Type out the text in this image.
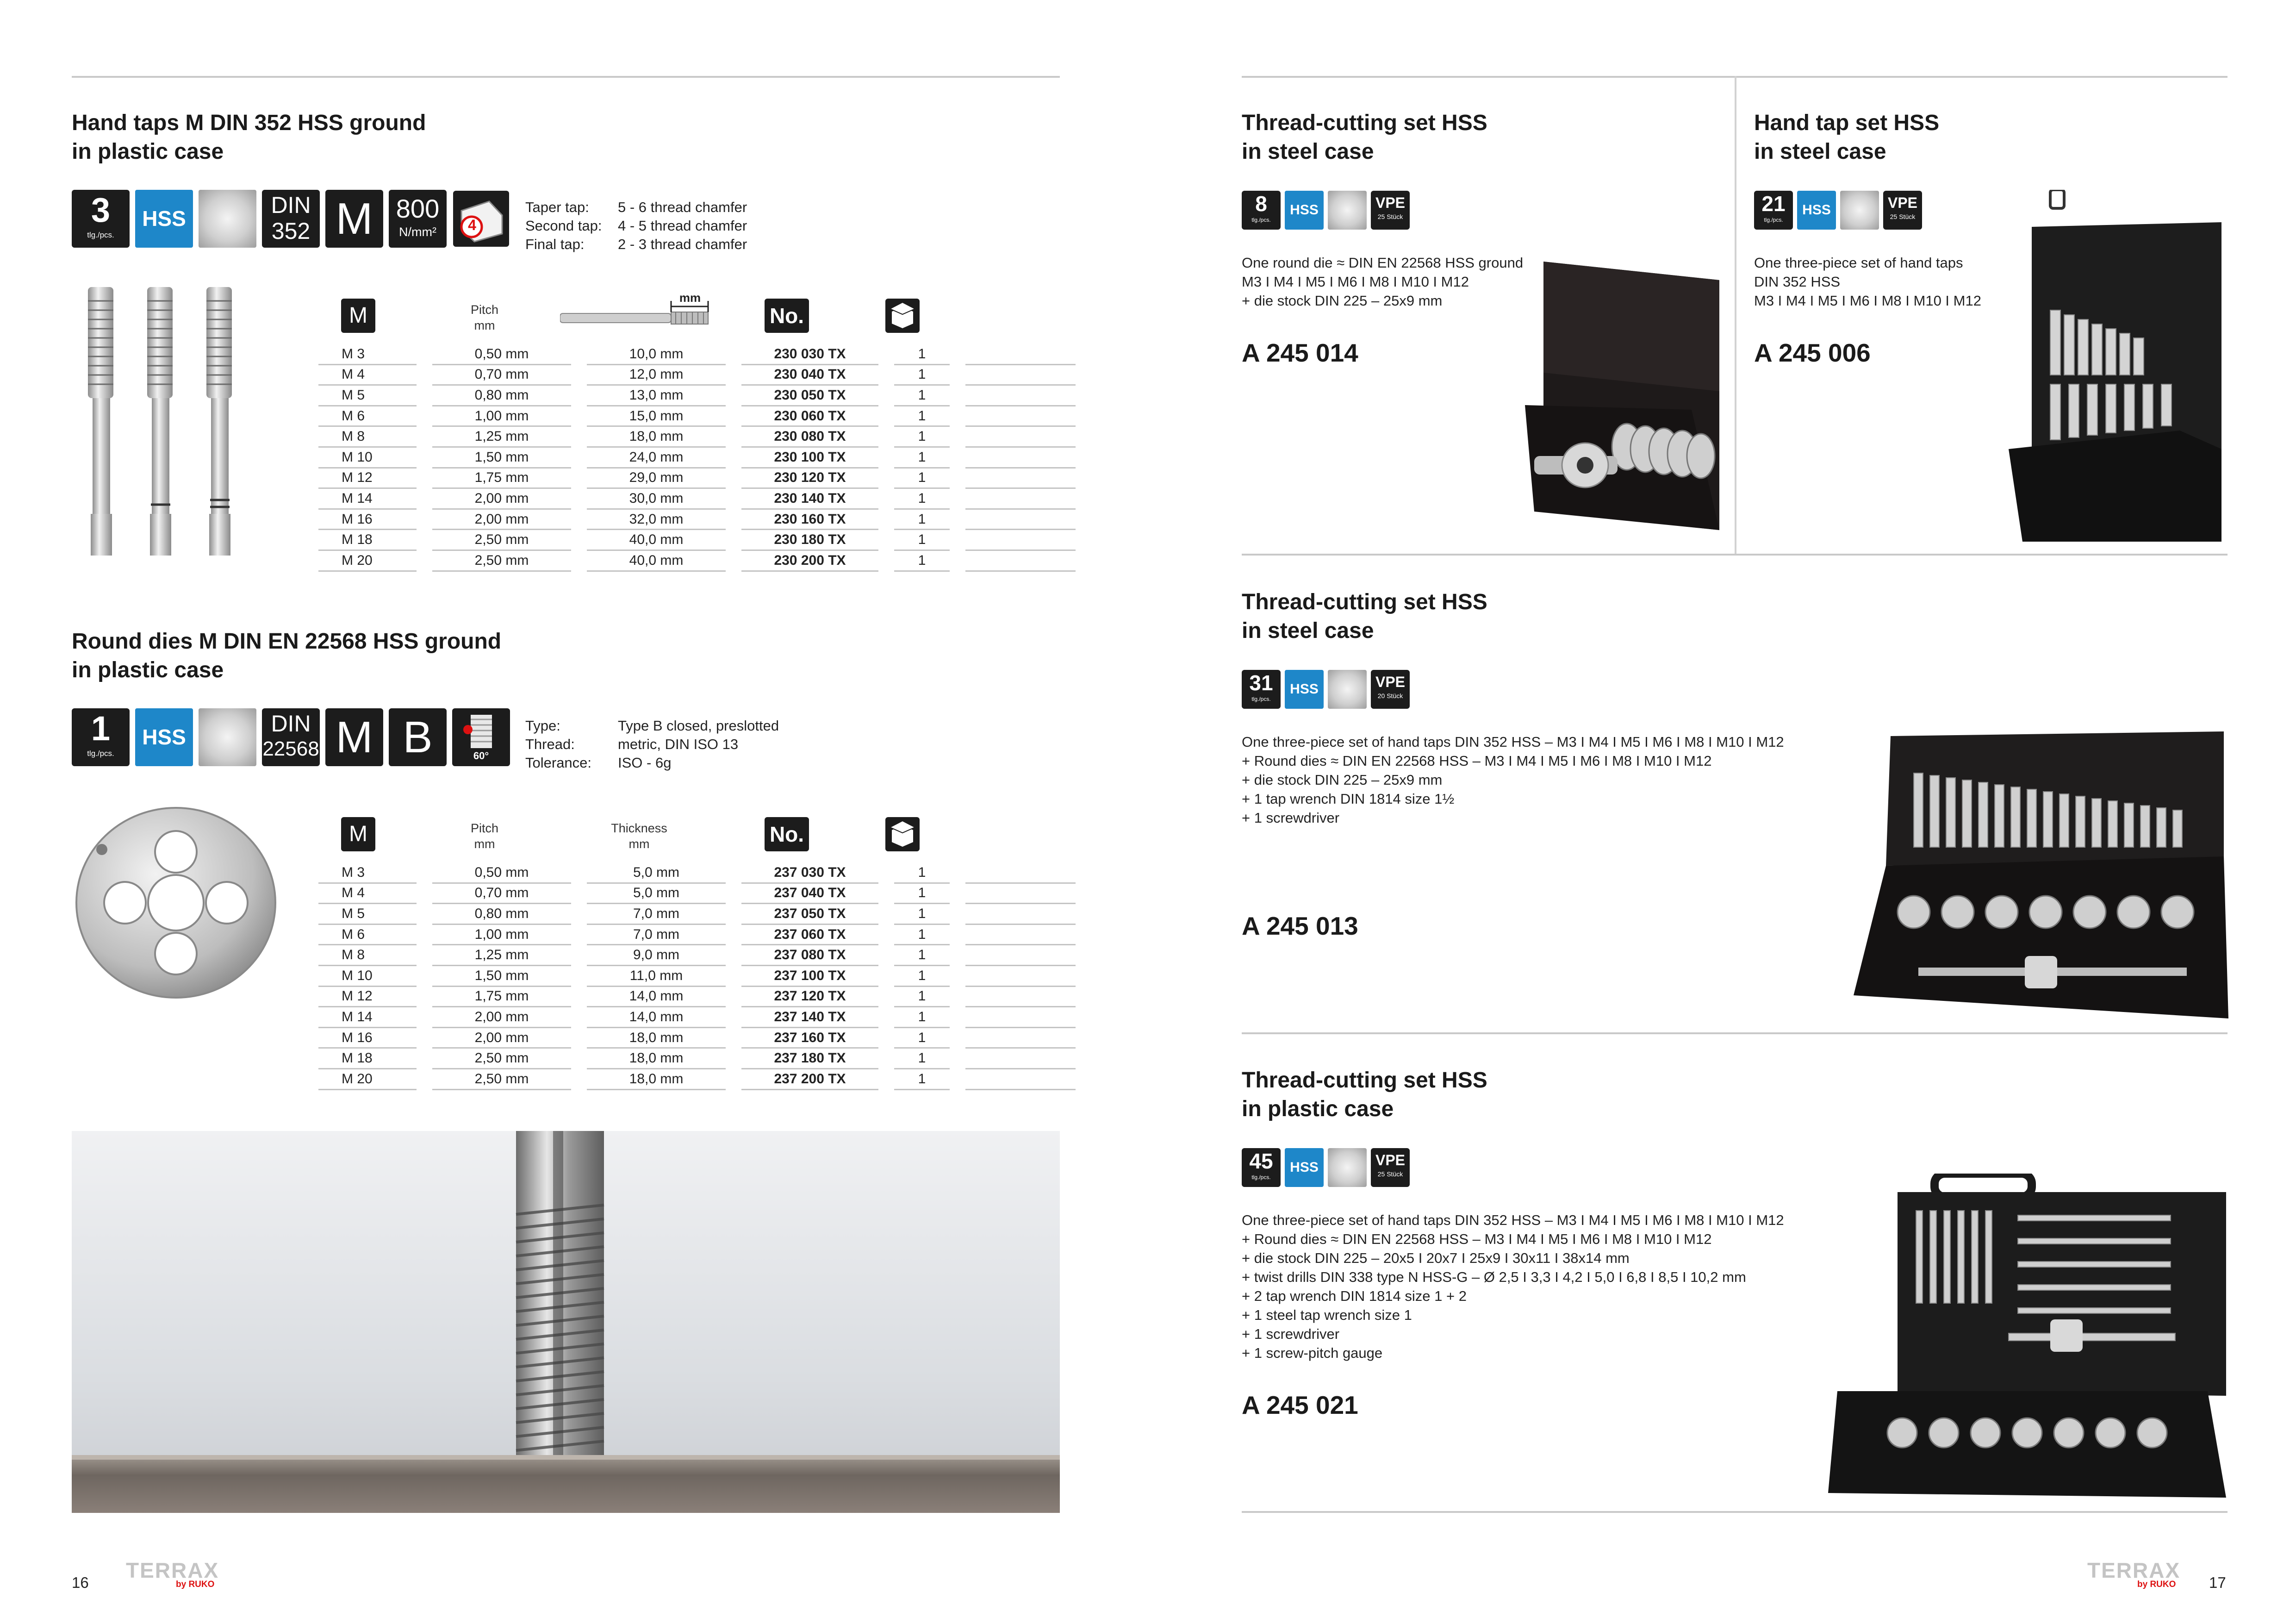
Hand taps M DIN 352 HSS ground
in plastic case
3
tlg./pcs.
HSS
DIN
352 M 800
N/mm²	4
Taper tap:
Second tap:
Final tap:
5 - 6 thread chamfer
4 - 5 thread chamfer
2 - 3 thread chamfer
M	Pitch
mm
mm
No.
M 3		0,50 mm		10,0 mm		230 030 TX		1		
M 4		0,70 mm		12,0 mm		230 040 TX		1		
M 5		0,80 mm		13,0 mm		230 050 TX		1		
M 6		1,00 mm		15,0 mm		230 060 TX		1		
M 8		1,25 mm		18,0 mm		230 080 TX		1		
M 10		1,50 mm		24,0 mm		230 100 TX		1		
M 12		1,75 mm		29,0 mm		230 120 TX		1		
M 14		2,00 mm		30,0 mm		230 140 TX		1		
M 16		2,00 mm		32,0 mm		230 160 TX		1		
M 18		2,50 mm		40,0 mm		230 180 TX		1		
M 20		2,50 mm		40,0 mm		230 200 TX		1		
Round dies M DIN EN 22568 HSS ground
in plastic case
1
tlg./pcs.
HSS
DIN
22568 M B	60°
Type:
Thread:
Tolerance:
Type B closed, preslotted
metric, DIN ISO 13
ISO - 6g
M	Pitch
mm
Thickness
mm	No.
M 3		0,50 mm		5,0 mm		237 030 TX		1		
M 4		0,70 mm		5,0 mm		237 040 TX		1		
M 5		0,80 mm		7,0 mm		237 050 TX		1		
M 6		1,00 mm		7,0 mm		237 060 TX		1		
M 8		1,25 mm		9,0 mm		237 080 TX		1		
M 10		1,50 mm		11,0 mm		237 100 TX		1		
M 12		1,75 mm		14,0 mm		237 120 TX		1		
M 14		2,00 mm		14,0 mm		237 140 TX		1		
M 16		2,00 mm		18,0 mm		237 160 TX		1		
M 18		2,50 mm		18,0 mm		237 180 TX		1		
M 20		2,50 mm		18,0 mm		237 200 TX		1		
16
TERRAX
by RUKO
Thread-cutting set HSS
in steel case
8
tlg./pcs.
HSS	VPE
25 Stück
One round die ≈ DIN EN 22568 HSS ground
M3 I M4 I M5 I M6 I M8 I M10 I M12
+ die stock DIN 225 – 25x9 mm
A 245 014
Hand tap set HSS
in steel case
21
tlg./pcs.
HSS	VPE
25 Stück
One three-piece set of hand taps
DIN 352 HSS
M3 I M4 I M5 I M6 I M8 I M10 I M12
A 245 006
Thread-cutting set HSS
in steel case
31
tlg./pcs.
HSS	VPE
20 Stück
One three-piece set of hand taps DIN 352 HSS – M3 I M4 I M5 I M6 I M8 I M10 I M12
+ Round dies ≈ DIN EN 22568 HSS – M3 I M4 I M5 I M6 I M8 I M10 I M12
+ die stock DIN 225 – 25x9 mm
+ 1 tap wrench DIN 1814 size 1½
+ 1 screwdriver
A 245 013
Thread-cutting set HSS
in plastic case
45
tlg./pcs.
HSS	VPE
25 Stück
One three-piece set of hand taps DIN 352 HSS – M3 I M4 I M5 I M6 I M8 I M10 I M12
+ Round dies ≈ DIN EN 22568 HSS – M3 I M4 I M5 I M6 I M8 I M10 I M12
+ die stock DIN 225 – 20x5 I 20x7 I 25x9 I 30x11 I 38x14 mm
+ twist drills DIN 338 type N HSS-G – Ø 2,5 I 3,3 I 4,2 I 5,0 I 6,8 I 8,5 I 10,2 mm
+ 2 tap wrench DIN 1814 size 1 + 2
+ 1 steel tap wrench size 1
+ 1 screwdriver
+ 1 screw-pitch gauge
A 245 021
TERRAX
by RUKO 17
